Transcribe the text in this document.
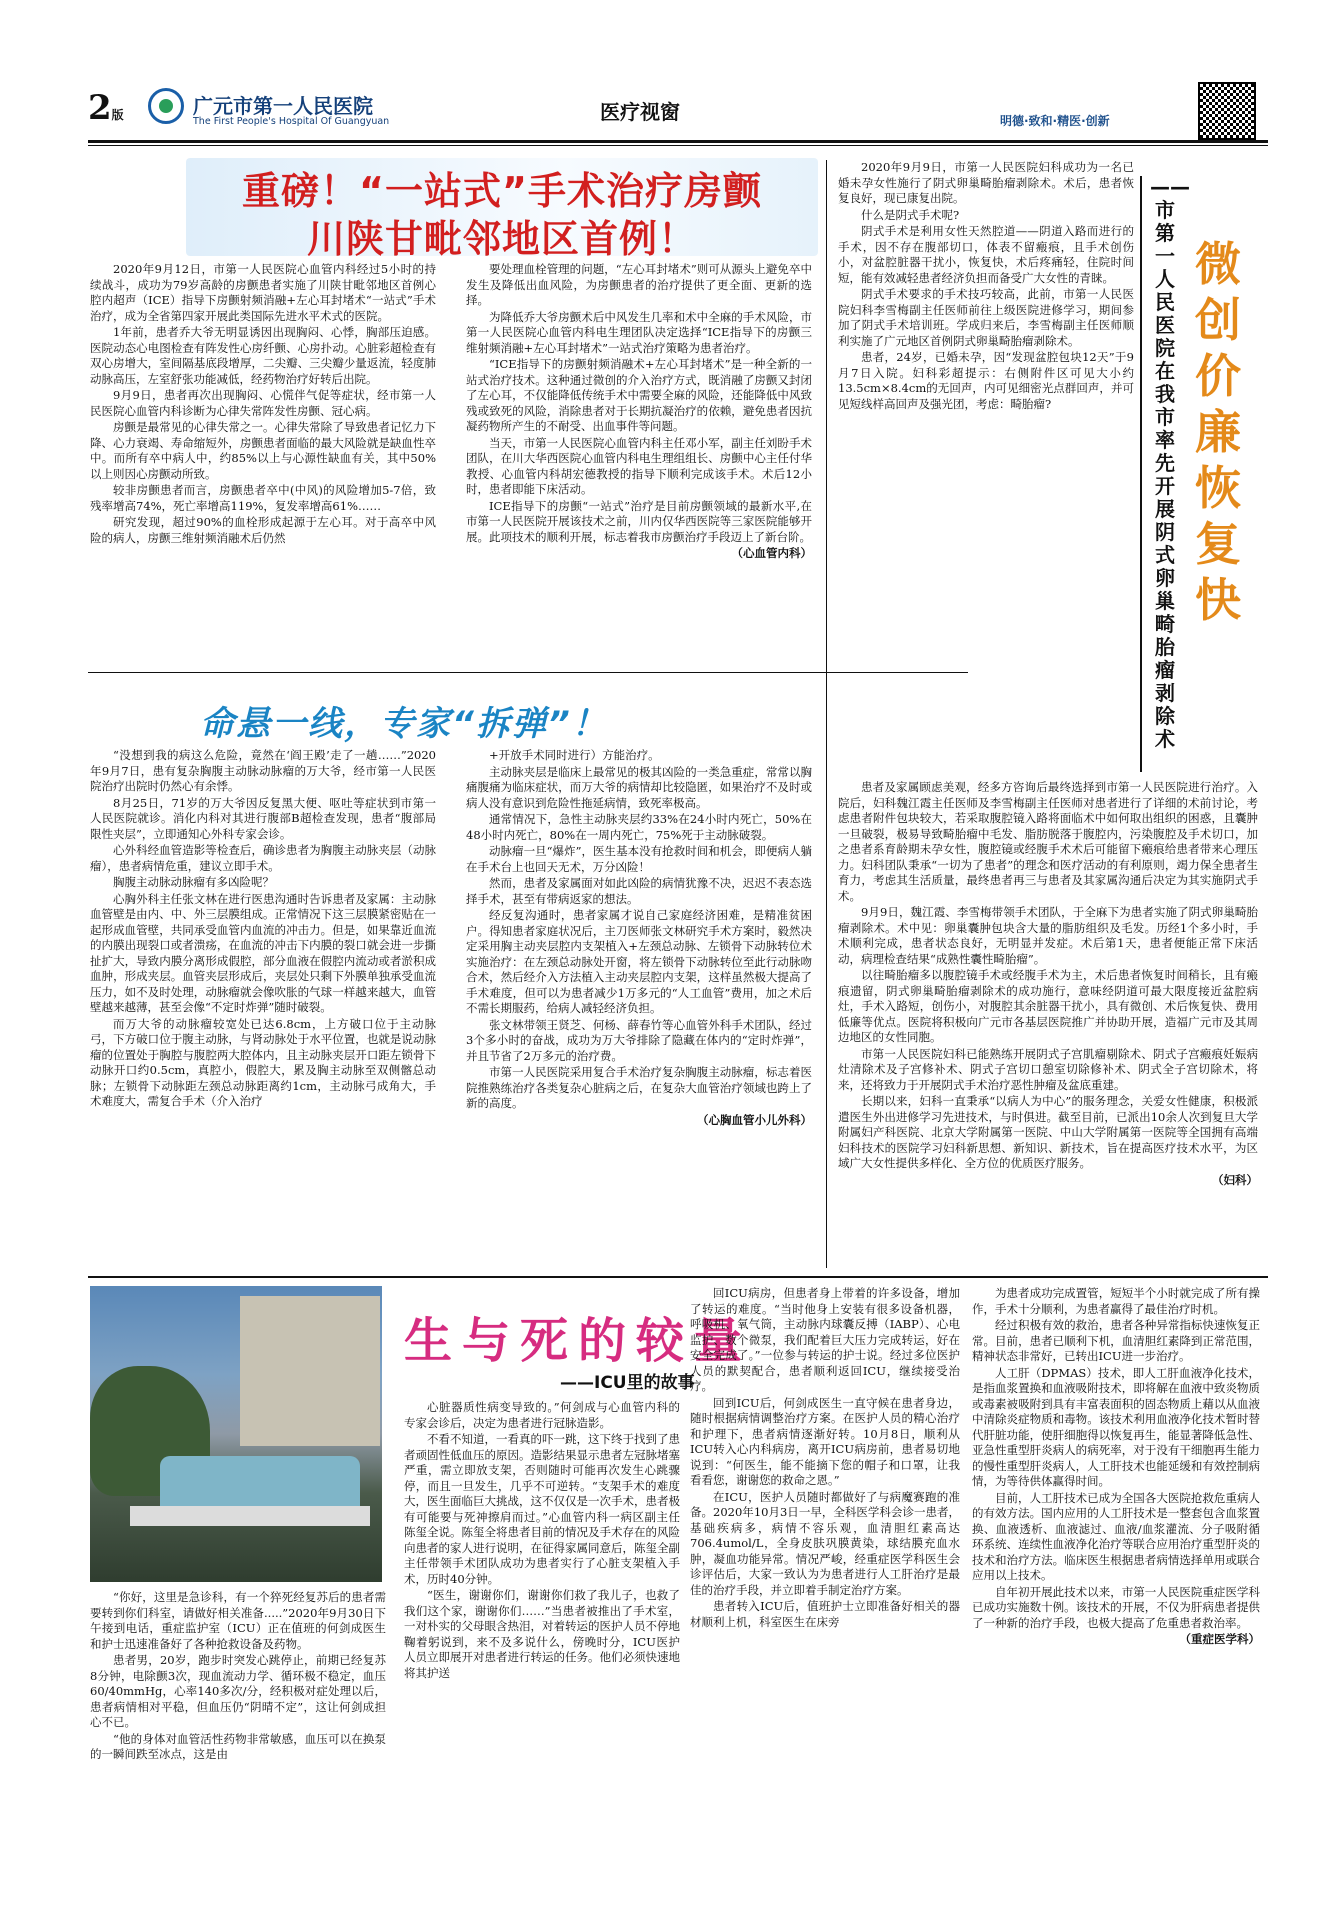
2版	广元市第一人民医院
The First People's Hospital Of Guangyuan	医疗视窗	明德·致和·精医·创新
重磅！“一站式”手术治疗房颤
川陕甘毗邻地区首例！

2020年9月12日，市第一人民医院心血管内科经过5小时的持续战斗，成功为79岁高龄的房颤患者实施了川陕甘毗邻地区首例心腔内超声（ICE）指导下房颤射频消融+左心耳封堵术“一站式”手术治疗，成为全省第四家开展此类国际先进水平术式的医院。

1年前，患者乔大爷无明显诱因出现胸闷、心悸，胸部压迫感。医院动态心电图检查有阵发性心房纤颤、心房扑动。心脏彩超检查有双心房增大，室间隔基底段增厚，二尖瓣、三尖瓣少量返流，轻度肺动脉高压，左室舒张功能减低，经药物治疗好转后出院。

9月9日，患者再次出现胸闷、心慌伴气促等症状，经市第一人民医院心血管内科诊断为心律失常阵发性房颤、冠心病。

房颤是最常见的心律失常之一。心律失常除了导致患者记忆力下降、心力衰竭、寿命缩短外，房颤患者面临的最大风险就是缺血性卒中。而所有卒中病人中，约85%以上与心源性缺血有关，其中50%以上则因心房颤动所致。

较非房颤患者而言，房颤患者卒中(中风)的风险增加5-7倍，致残率增高74%，死亡率增高119%，复发率增高61%……

研究发现，超过90%的血栓形成起源于左心耳。对于高卒中风险的病人，房颤三维射频消融术后仍然

要处理血栓管理的问题，“左心耳封堵术”则可从源头上避免卒中发生及降低出血风险，为房颤患者的治疗提供了更全面、更新的选择。

为降低乔大爷房颤术后中风发生几率和术中全麻的手术风险，市第一人民医院心血管内科电生理团队决定选择“ICE指导下的房颤三维射频消融+左心耳封堵术”一站式治疗策略为患者治疗。

“ICE指导下的房颤射频消融术+左心耳封堵术”是一种全新的一站式治疗技术。这种通过微创的介入治疗方式，既消融了房颤又封闭了左心耳，不仅能降低传统手术中需要全麻的风险，还能降低中风致残或致死的风险，消除患者对于长期抗凝治疗的依赖，避免患者因抗凝药物所产生的不耐受、出血事件等问题。

当天，市第一人民医院心血管内科主任邓小军，副主任刘盼手术团队，在川大华西医院心血管内科电生理组组长、房颤中心主任付华教授、心血管内科胡宏德教授的指导下顺利完成该手术。术后12小时，患者即能下床活动。

ICE指导下的房颤“一站式”治疗是目前房颤领域的最新水平,在市第一人民医院开展该技术之前，川内仅华西医院等三家医院能够开展。此项技术的顺利开展，标志着我市房颤治疗手段迈上了新台阶。

（心血管内科）

命悬一线，专家“拆弹”！

“没想到我的病这么危险，竟然在‘阎王殿’走了一趟……”2020年9月7日，患有复杂胸腹主动脉动脉瘤的万大爷，经市第一人民医院治疗出院时仍然心有余悸。

8月25日，71岁的万大爷因反复黑大便、呕吐等症状到市第一人民医院就诊。消化内科对其进行腹部B超检查发现，患者“腹部局限性夹层”，立即通知心外科专家会诊。

心外科经血管造影等检查后，确诊患者为胸腹主动脉夹层（动脉瘤），患者病情危重，建议立即手术。

胸腹主动脉动脉瘤有多凶险呢？

心胸外科主任张文林在进行医患沟通时告诉患者及家属：主动脉血管壁是由内、中、外三层膜组成。正常情况下这三层膜紧密贴在一起形成血管壁，共同承受血管内血流的冲击力。但是，如果靠近血流的内膜出现裂口或者溃疡，在血流的冲击下内膜的裂口就会进一步撕扯扩大，导致内膜分离形成假腔，部分血液在假腔内流动或者淤积成血肿，形成夹层。血管夹层形成后，夹层处只剩下外膜单独承受血流压力，如不及时处理，动脉瘤就会像吹胀的气球一样越来越大，血管壁越来越薄，甚至会像“不定时炸弹”随时破裂。

而万大爷的动脉瘤较宽处已达6.8cm，上方破口位于主动脉弓，下方破口位于腹主动脉，与肾动脉处于水平位置，也就是说动脉瘤的位置处于胸腔与腹腔两大腔体内，且主动脉夹层开口距左锁骨下动脉开口约0.5cm，真腔小，假腔大，累及胸主动脉至双侧髂总动脉；左锁骨下动脉距左颈总动脉距离约1cm，主动脉弓成角大，手术难度大，需复合手术（介入治疗

+开放手术同时进行）方能治疗。

主动脉夹层是临床上最常见的极其凶险的一类急重症，常常以胸痛腹痛为临床症状，而万大爷的病情却比较隐匿，如果治疗不及时或病人没有意识到危险性拖延病情，致死率极高。

通常情况下，急性主动脉夹层约33%在24小时内死亡，50%在48小时内死亡，80%在一周内死亡，75%死于主动脉破裂。

动脉瘤一旦“爆炸”，医生基本没有抢救时间和机会，即便病人躺在手术台上也回天无术，万分凶险！

然而，患者及家属面对如此凶险的病情犹豫不决，迟迟不表态选择手术，甚至有带病返家的想法。

经反复沟通时，患者家属才说自己家庭经济困难，是精准贫困户。得知患者家庭状况后，主刀医师张文林研究手术方案时，毅然决定采用胸主动夹层腔内支架植入+左颈总动脉、左锁骨下动脉转位术实施治疗：在左颈总动脉处开窗，将左锁骨下动脉转位至此行动脉吻合术，然后经介入方法植入主动夹层腔内支架，这样虽然极大提高了手术难度，但可以为患者减少1万多元的“人工血管”费用，加之术后不需长期服药，给病人减轻经济负担。

张文林带领王贤芝、何杨、薛春竹等心血管外科手术团队，经过3个多小时的奋战，成功为万大爷排除了隐藏在体内的“定时炸弹”，并且节省了2万多元的治疗费。

市第一人民医院采用复合手术治疗复杂胸腹主动脉瘤，标志着医院推熟练治疗各类复杂心脏病之后，在复杂大血管治疗领域也跨上了新的高度。

（心胸血管小儿外科）

2020年9月9日，市第一人民医院妇科成功为一名已婚未孕女性施行了阴式卵巢畸胎瘤剥除术。术后，患者恢复良好，现已康复出院。

什么是阴式手术呢?

阴式手术是利用女性天然腔道——阴道入路而进行的手术，因不存在腹部切口，体表不留瘢痕，且手术创伤小，对盆腔脏器干扰小，恢复快，术后疼痛轻，住院时间短，能有效减轻患者经济负担而备受广大女性的青睐。

阴式手术要求的手术技巧较高，此前，市第一人民医院妇科李雪梅副主任医师前往上级医院进修学习，期间参加了阴式手术培训班。学成归来后，李雪梅副主任医师顺利实施了广元地区首例阴式卵巢畸胎瘤剥除术。

患者，24岁，已婚未孕，因“发现盆腔包块12天”于9月7日入院。妇科彩超提示：右侧附件区可见大小约13.5cm×8.4cm的无回声，内可见细密光点群回声，并可见短线样高回声及强光团，考虑：畸胎瘤?

——市第一人民医院在我市率先开展阴式卵巢畸胎瘤剥除术
微创 价廉 恢复快

患者及家属顾虑美观，经多方咨询后最终选择到市第一人民医院进行治疗。入院后，妇科魏江霞主任医师及李雪梅副主任医师对患者进行了详细的术前讨论，考虑患者附件包块较大，若采取腹腔镜入路将面临术中如何取出组织的困惑，且囊肿一旦破裂，极易导致畸胎瘤中毛发、脂肪脱落于腹腔内，污染腹腔及手术切口，加之患者系育龄期未孕女性，腹腔镜或经腹手术术后可能留下瘢痕给患者带来心理压力。妇科团队秉承“一切为了患者”的理念和医疗活动的有利原则，竭力保全患者生育力，考虑其生活质量，最终患者再三与患者及其家属沟通后决定为其实施阴式手术。

9月9日，魏江霞、李雪梅带领手术团队，于全麻下为患者实施了阴式卵巢畸胎瘤剥除术。术中见：卵巢囊肿包块含大量的脂肪组织及毛发。历经1个多小时，手术顺利完成，患者状态良好，无明显并发症。术后第1天，患者便能正常下床活动，病理检查结果“成熟性囊性畸胎瘤”。

以往畸胎瘤多以腹腔镜手术或经腹手术为主，术后患者恢复时间稍长，且有瘢痕遗留，阴式卵巢畸胎瘤剥除术的成功施行，意味经阴道可最大限度接近盆腔病灶，手术入路短，创伤小，对腹腔其余脏器干扰小，具有微创、术后恢复快、费用低廉等优点。医院将积极向广元市各基层医院推广并协助开展，造福广元市及其周边地区的女性同胞。

市第一人民医院妇科已能熟练开展阴式子宫肌瘤剔除术、阴式子宫瘢痕妊娠病灶清除术及子宫修补术、阴式子宫切口憩室切除修补术、阴式全子宫切除术，将来，还将致力于开展阴式手术治疗恶性肿瘤及盆底重建。

长期以来，妇科一直秉承“以病人为中心”的服务理念，关爱女性健康，积极派遣医生外出进修学习先进技术，与时俱进。截至目前，已派出10余人次到复旦大学附属妇产科医院、北京大学附属第一医院、中山大学附属第一医院等全国拥有高端妇科技术的医院学习妇科新思想、新知识、新技术，旨在提高医疗技术水平，为区域广大女性提供多样化、全方位的优质医疗服务。

（妇科）

生与死的较量
——ICU里的故事

“你好，这里是急诊科，有一个猝死经复苏后的患者需要转到你们科室，请做好相关准备.....”2020年9月30日下午接到电话，重症监护室（ICU）正在值班的何剑成医生和护士迅速准备好了各种抢救设备及药物。

患者男，20岁，跑步时突发心跳停止，前期已经复苏8分钟，电除颤3次，现血流动力学、循环极不稳定，血压60/40mmHg，心率140多次/分，经积极对症处理以后，患者病情相对平稳，但血压仍“阴晴不定”，这让何剑成担心不已。

“他的身体对血管活性药物非常敏感，血压可以在换泵的一瞬间跌至冰点，这是由

心脏器质性病变导致的。”何剑成与心血管内科的专家会诊后，决定为患者进行冠脉造影。

不看不知道，一看真的吓一跳，这下终于找到了患者顽固性低血压的原因。造影结果显示患者左冠脉堵塞严重，需立即放支架，否则随时可能再次发生心跳骤停，而且一旦发生，几乎不可逆转。“支架手术的难度大，医生面临巨大挑战，这不仅仅是一次手术，患者极有可能要与死神擦肩而过。”心血管内科一病区副主任陈玺全说。陈玺全将患者目前的情况及手术存在的风险向患者的家人进行说明，在征得家属同意后，陈玺全副主任带领手术团队成功为患者实行了心脏支架植入手术，历时40分钟。

“医生，谢谢你们，谢谢你们救了我儿子，也救了我们这个家，谢谢你们……”当患者被推出了手术室，一对朴实的父母眼含热泪，对着转运的医护人员不停地鞠着躬说到，来不及多说什么，傍晚时分，ICU医护人员立即展开对患者进行转运的任务。他们必须快速地将其护送

回ICU病房，但患者身上带着的许多设备，增加了转运的难度。“当时他身上安装有很多设备机器，呼吸机、氧气筒，主动脉内球囊反搏（IABP）、心电监护、数个微泵，我们配着巨大压力完成转运，好在安全完成了。”一位参与转运的护士说。经过多位医护人员的默契配合，患者顺利返回ICU，继续接受治疗。

回到ICU后，何剑成医生一直守候在患者身边，随时根据病情调整治疗方案。在医护人员的精心治疗和护理下，患者病情逐渐好转。10月8日，顺利从ICU转入心内科病房，离开ICU病房前，患者易切地说到：“何医生，能不能摘下您的帽子和口罩，让我看看您，谢谢您的救命之恩。”

在ICU，医护人员随时都做好了与病魔赛跑的准备。2020年10月3日一早，全科医学科会诊一患者，基础疾病多，病情不容乐观，血清胆红素高达706.4umol/L，全身皮肤巩膜黄染，球结膜充血水肿，凝血功能异常。情况严峻，经重症医学科医生会诊评估后，大家一致认为为患者进行人工肝治疗是最佳的治疗手段，并立即着手制定治疗方案。

患者转入ICU后，值班护士立即准备好相关的器材顺利上机，科室医生在床旁

为患者成功完成置管，短短半个小时就完成了所有操作，手术十分顺利，为患者赢得了最佳治疗时机。

经过积极有效的救治，患者各种异常指标快速恢复正常。目前，患者已顺利下机，血清胆红素降到正常范围，精神状态非常好，已转出ICU进一步治疗。

人工肝（DPMAS）技术，即人工肝血液净化技术，是指血浆置换和血液吸附技术，即将解在血液中致炎物质或毒素被吸附到具有丰富表面积的固态物质上藉以从血液中清除炎症物质和毒物。该技术利用血液净化技术暂时替代肝脏功能，使肝细胞得以恢复再生，能显著降低急性、亚急性重型肝炎病人的病死率，对于没有干细胞再生能力的慢性重型肝炎病人，人工肝技术也能延缓和有效控制病情，为等待供体赢得时间。

目前，人工肝技术已成为全国各大医院抢救危重病人的有效方法。国内应用的人工肝技术是一整套包含血浆置换、血液透析、血液滤过、血液/血浆灌流、分子吸附循环系统、连续性血液净化治疗等联合应用治疗重型肝炎的技术和治疗方法。临床医生根据患者病情选择单用或联合应用以上技术。

自年初开展此技术以来，市第一人民医院重症医学科已成功实施数十例。该技术的开展，不仅为肝病患者提供了一种新的治疗手段，也极大提高了危重患者救治率。

（重症医学科）
